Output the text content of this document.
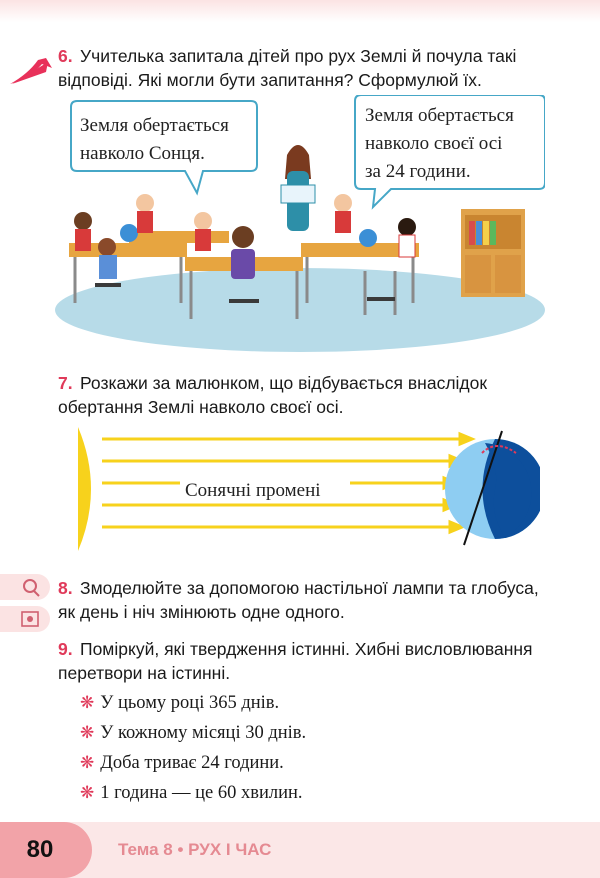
6. Учителька запитала дітей про рух Землі й почула такі відповіді. Які могли бути запитання? Сформулюй їх.
Земля обертається
навколо Сонця.
Земля обертається
навколо своєї осі
за 24 години.
7. Розкажи за малюнком, що відбувається внаслідок обертання Землі навколо своєї осі.
Сонячні промені
8. Змоделюйте за допомогою настільної лампи та глобуса, як день і ніч змінюють одне одного.
9. Поміркуй, які твердження істинні. Хибні висловлювання перетвори на істинні.
❋ У цьому році 365 днів.
❋ У кожному місяці 30 днів.
❋ Доба триває 24 години.
❋ 1 година — це 60 хвилин.
80	Тема 8 • РУХ І ЧАС
